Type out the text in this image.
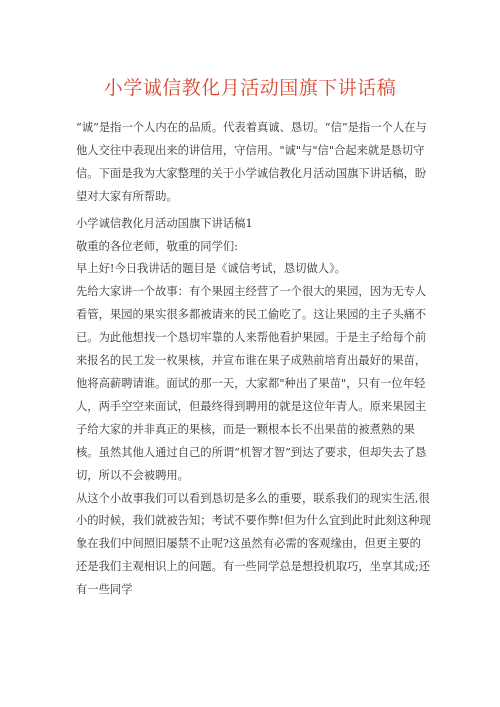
小学诚信教化月活动国旗下讲话稿

“诚”是指一个人内在的品质。代表着真诚、恳切。“信”是指一个人在与他人交往中表现出来的讲信用，守信用。"诚"与"信"合起来就是恳切守信。下面是我为大家整理的关于小学诚信教化月活动国旗下讲话稿，盼望对大家有所帮助。

小学诚信教化月活动国旗下讲话稿1

敬重的各位老师，敬重的同学们:

早上好!今日我讲话的题目是《诚信考试，恳切做人》。

先给大家讲一个故事：有个果园主经营了一个很大的果园，因为无专人看管，果园的果实很多都被请来的民工偷吃了。这让果园的主子头痛不已。为此他想找一个恳切牢靠的人来帮他看护果园。于是主子给每个前来报名的民工发一枚果核，并宣布谁在果子成熟前培育出最好的果苗，他将高薪聘请谁。面试的那一天，大家都"种出了果苗"，只有一位年轻人，两手空空来面试，但最终得到聘用的就是这位年青人。原来果园主子给大家的并非真正的果核，而是一颗根本长不出果苗的被煮熟的果核。虽然其他人通过自己的所谓“机智才智”到达了要求，但却失去了恳切，所以不会被聘用。

从这个小故事我们可以看到恳切是多么的重要，联系我们的现实生活,很小的时候，我们就被告知；考试不要作弊!但为什么宜到此时此刻这种现象在我们中间照旧屡禁不止呢?这虽然有必需的客观缘由，但更主要的还是我们主观相识上的问题。有一些同学总是想投机取巧，坐享其成;还有一些同学
